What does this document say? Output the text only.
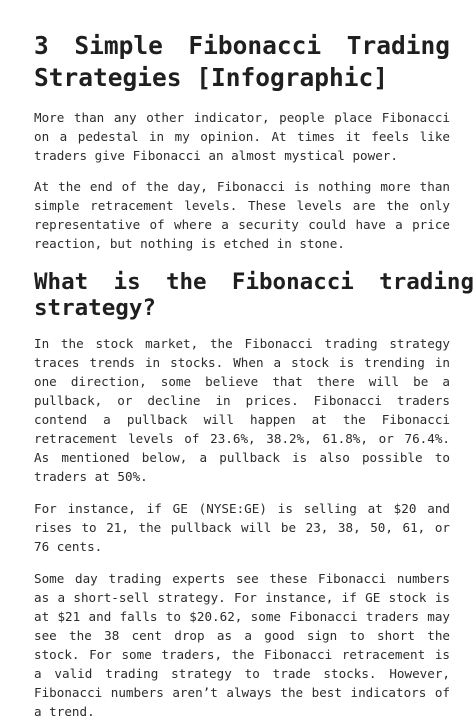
3 Simple Fibonacci Trading Strategies [Infographic]

More than any other indicator, people place Fibonacci on a pedestal in my opinion. At times it feels like traders give Fibonacci an almost mystical power.

At the end of the day, Fibonacci is nothing more than simple retracement levels. These levels are the only representative of where a security could have a price reaction, but nothing is etched in stone.

What is the Fibonacci trading strategy?

In the stock market, the Fibonacci trading strategy traces trends in stocks. When a stock is trending in one direction, some believe that there will be a pullback, or decline in prices. Fibonacci traders contend a pullback will happen at the Fibonacci retracement levels of 23.6%, 38.2%, 61.8%, or 76.4%. As mentioned below, a pullback is also possible to traders at 50%.

For instance, if GE (NYSE:GE) is selling at $20 and rises to 21, the pullback will be 23, 38, 50, 61, or 76 cents.

Some day trading experts see these Fibonacci numbers as a short-sell strategy. For instance, if GE stock is at $21 and falls to $20.62, some Fibonacci traders may see the 38 cent drop as a good sign to short the stock. For some traders, the Fibonacci retracement is a valid trading strategy to trade stocks. However, Fibonacci numbers aren’t always the best indicators of a trend.
